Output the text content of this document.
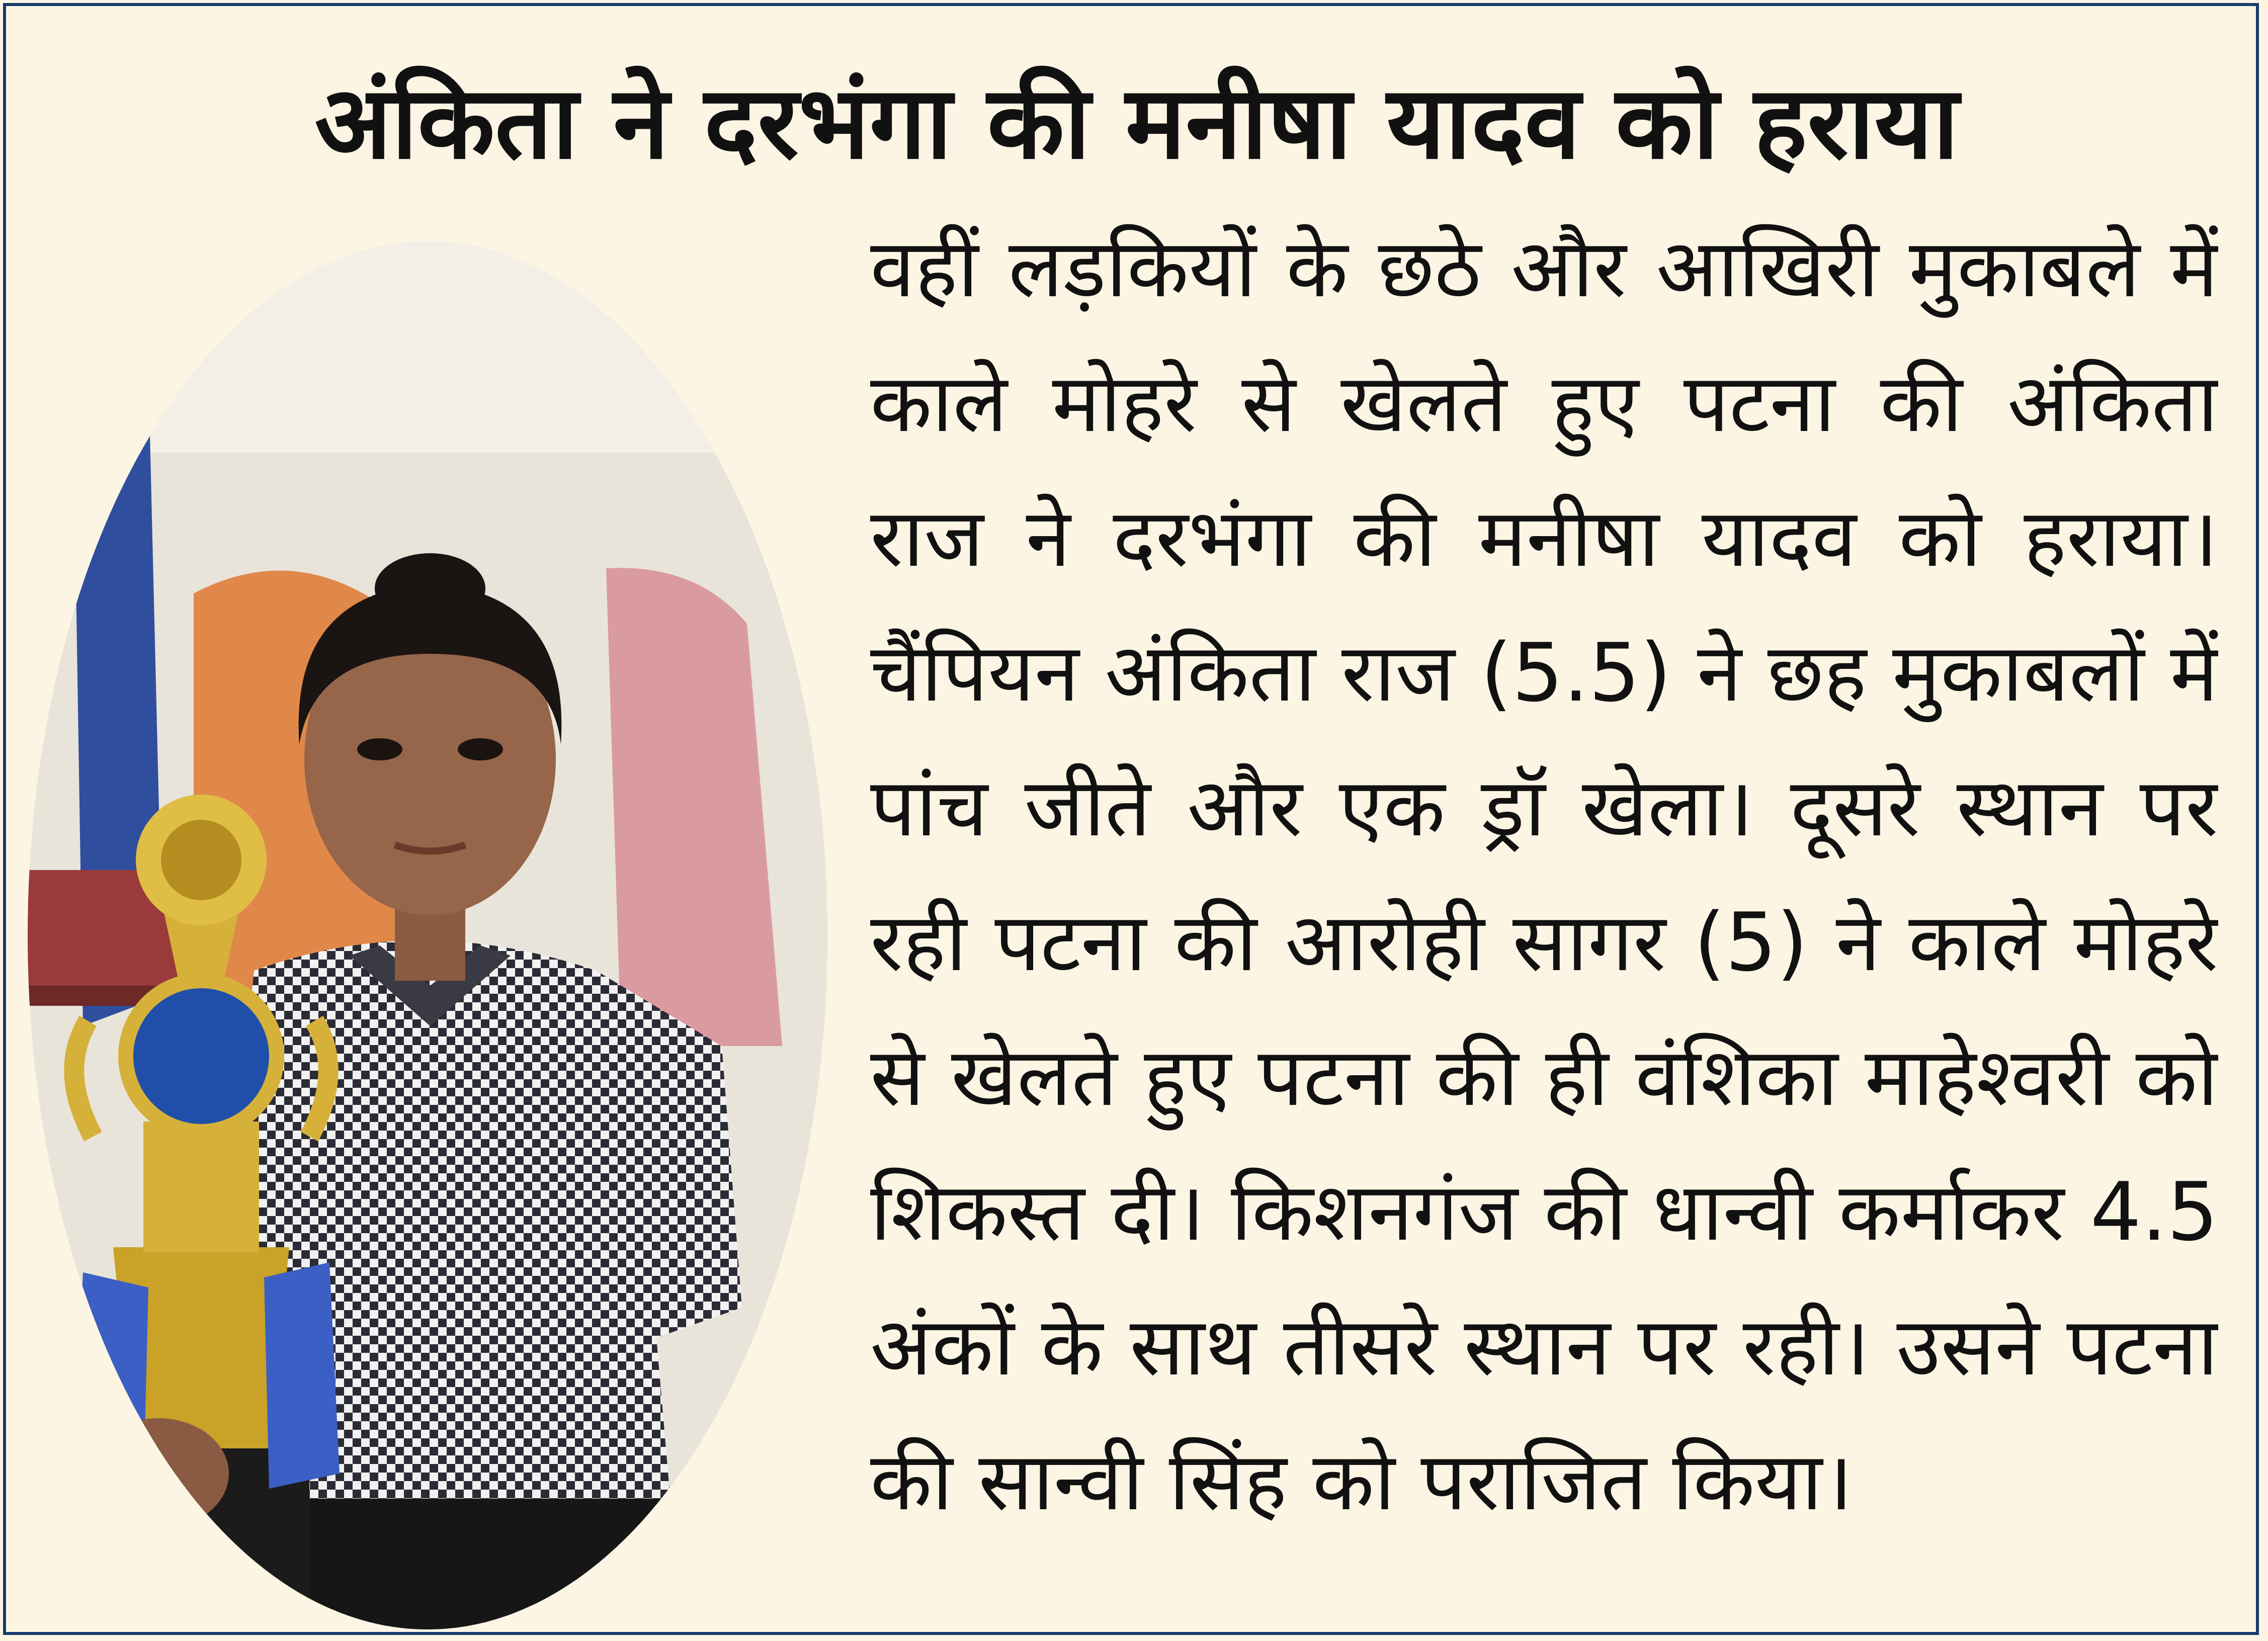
अंकिता ने दरभंगा की मनीषा यादव को हराया

वहीं लड़कियों के छठे और आखिरी मुकाबले में काले मोहरे से खेलते हुए पटना की अंकिता राज ने दरभंगा की मनीषा यादव को हराया। चैंपियन अंकिता राज (5.5) ने छह मुकाबलों में पांच जीते और एक ड्रॉ खेला। दूसरे स्थान पर रही पटना की आरोही सागर (5) ने काले मोहरे से खेलते हुए पटना की ही वंशिका माहेश्वरी को शिकस्त दी। किशनगंज की धान्वी कर्माकर 4.5 अंकों के साथ तीसरे स्थान पर रही। उसने पटना की सान्वी सिंह को पराजित किया।
